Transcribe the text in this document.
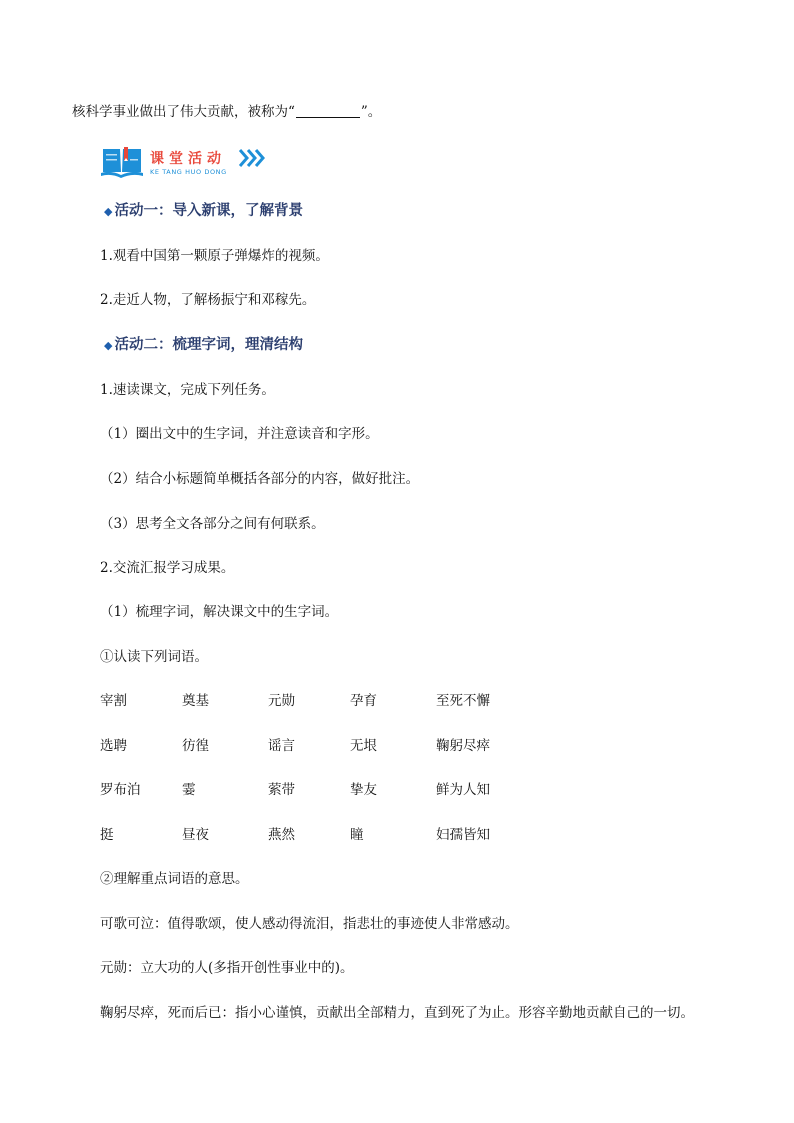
核科学事业做出了伟大贡献，被称为“	”。
课堂活动
KE TANG HUO DONG
◆ 活动一：导入新课，了解背景
1.观看中国第一颗原子弹爆炸的视频。
2.走近人物，了解杨振宁和邓稼先。
◆ 活动二：梳理字词，理清结构
1.速读课文，完成下列任务。
（1）圈出文中的生字词，并注意读音和字形。
（2）结合小标题简单概括各部分的内容，做好批注。
（3）思考全文各部分之间有何联系。
2.交流汇报学习成果。
（1）梳理字词，解决课文中的生字词。
①认读下列词语。
宰割	奠基	元勋	孕育	至死不懈
选聘	彷徨	谣言	无垠	鞠躬尽瘁
罗布泊	霎	萦带	挚友	鲜为人知
挺	昼夜	燕然	瞳	妇孺皆知
②理解重点词语的意思。
可歌可泣：值得歌颂，使人感动得流泪，指悲壮的事迹使人非常感动。
元勋：立大功的人(多指开创性事业中的)。
鞠躬尽瘁，死而后已：指小心谨慎，贡献出全部精力，直到死了为止。形容辛勤地贡献自己的一切。
